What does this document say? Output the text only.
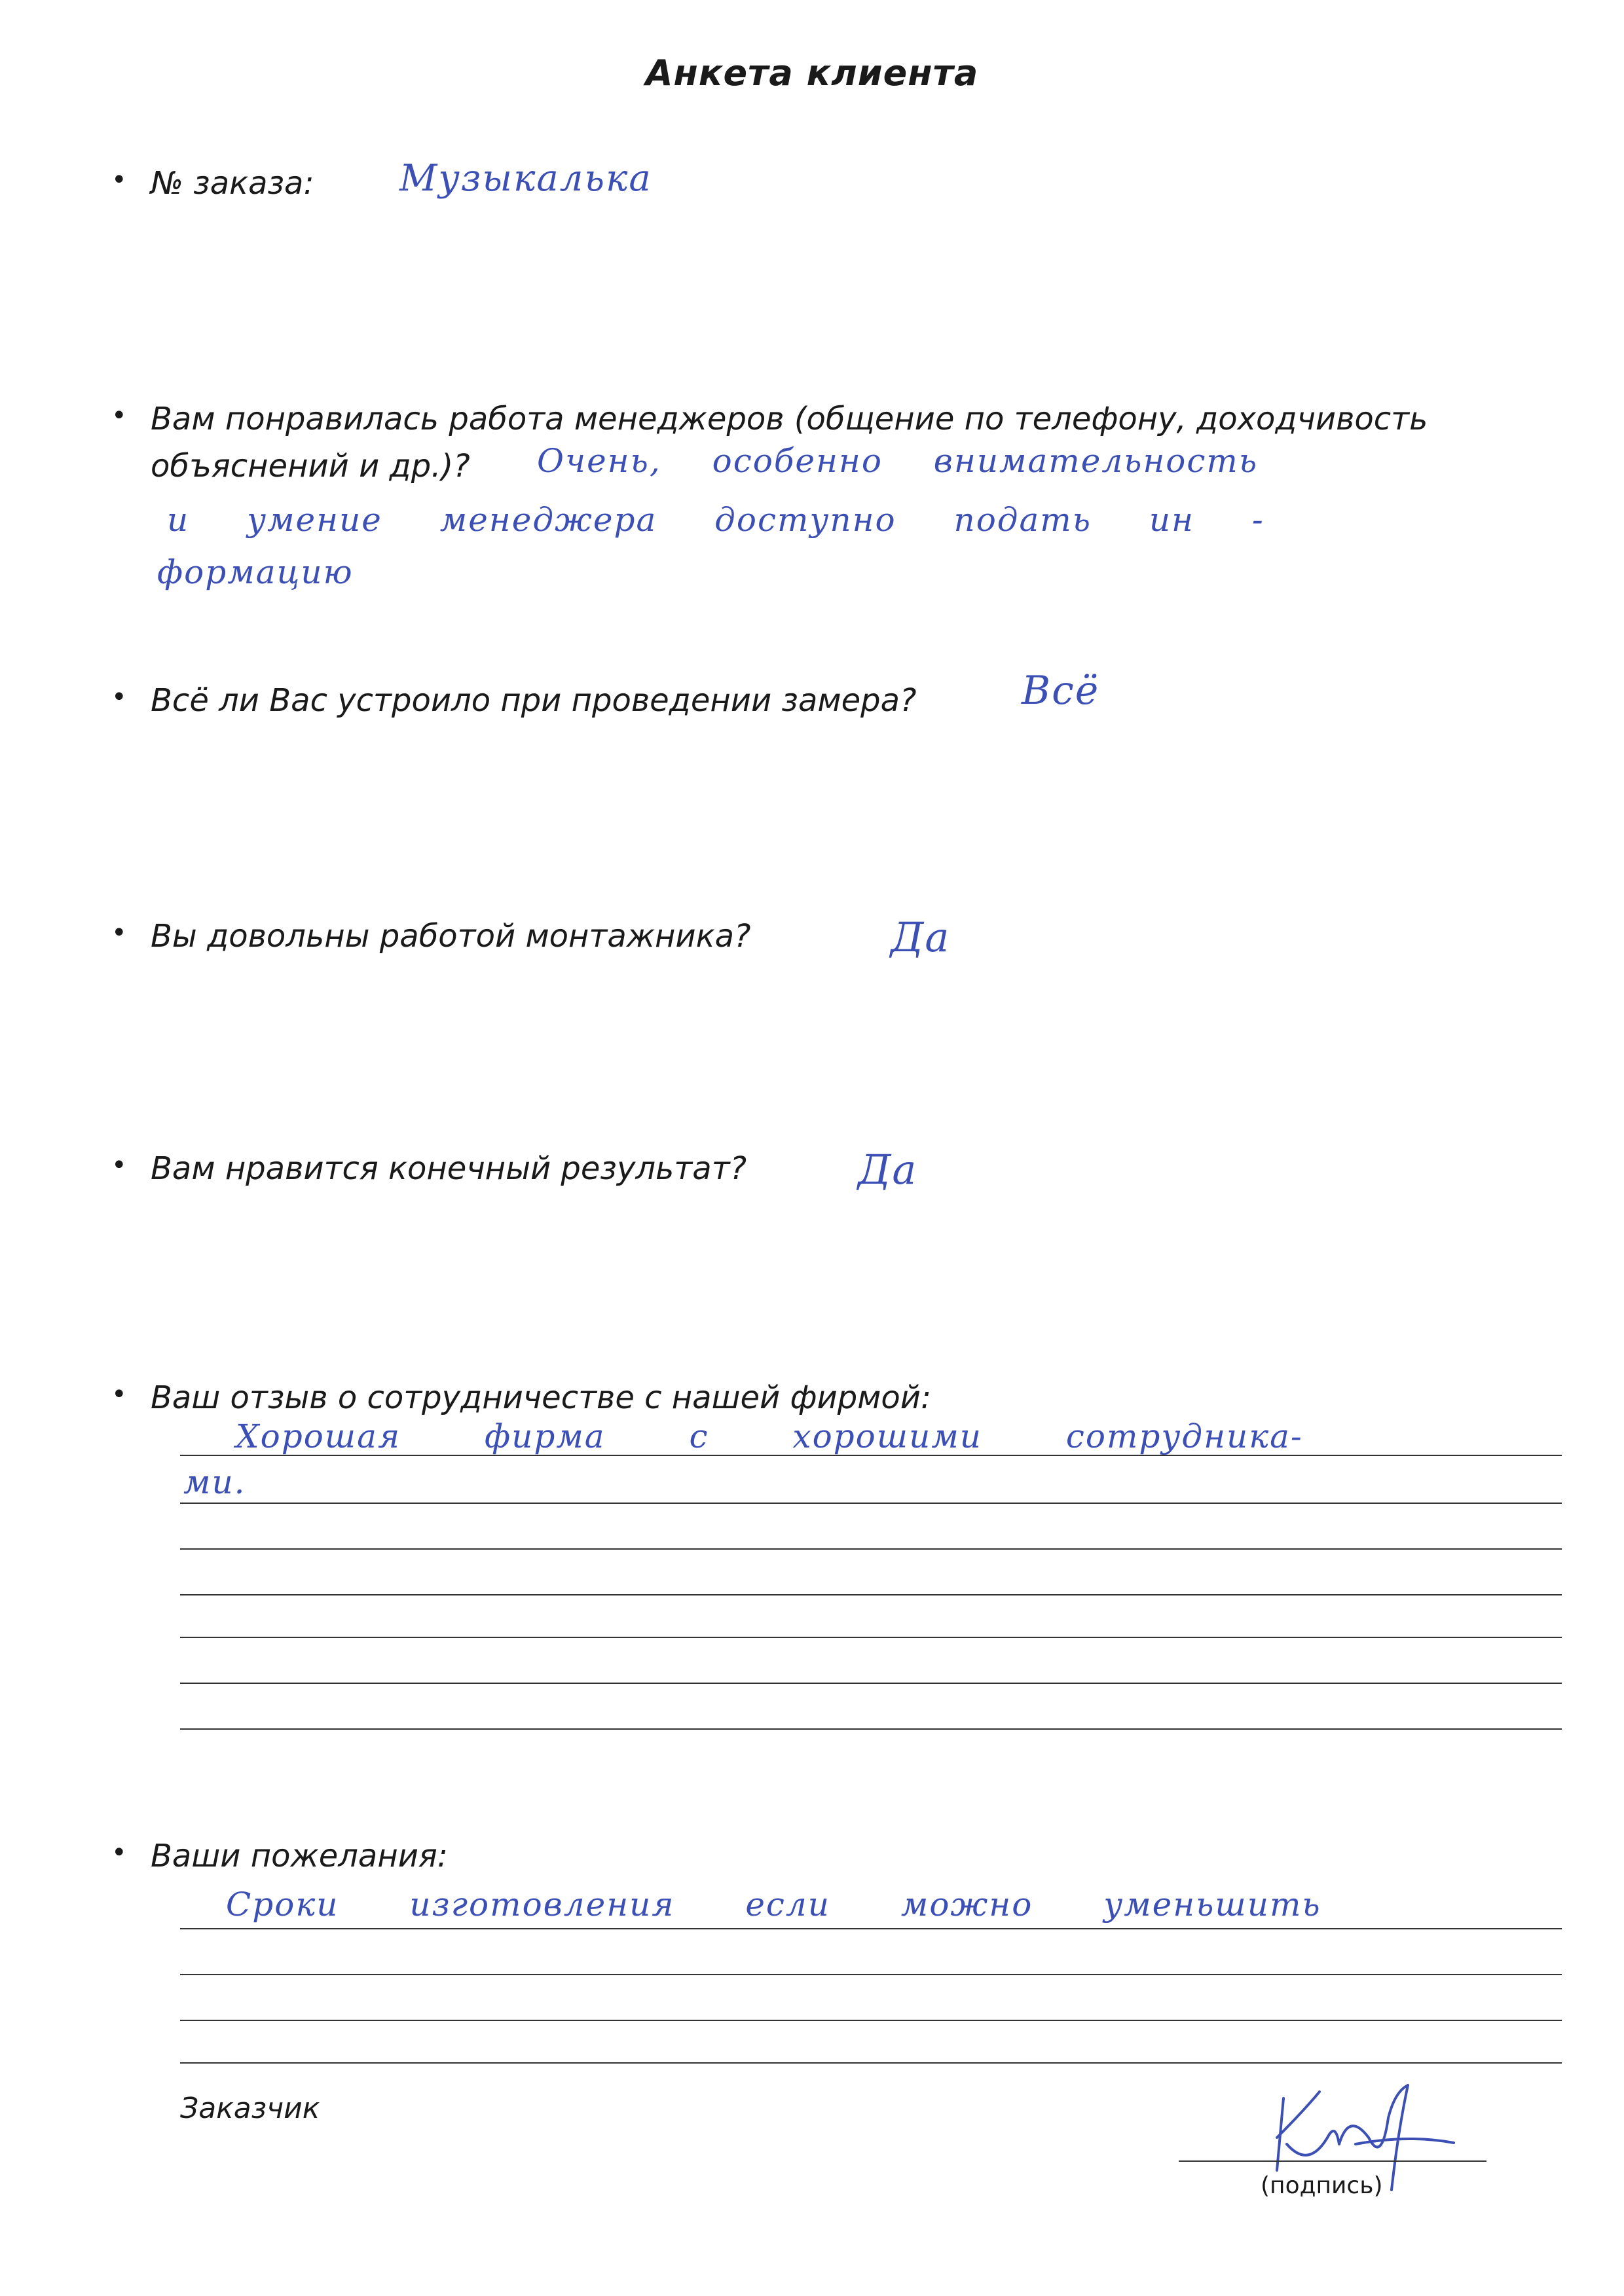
Анкета клиента
• № заказа:	Музыкалька
• Вам понравилась работа менеджеров (общение по телефону, доходчивость
объяснений и др.)?	Очень, особенно внимательность
и умение менеджера доступно подать ин -
формацию
• Всё ли Вас устроило при проведении замера?	Всё
• Вы довольны работой монтажника?	Да
• Вам нравится конечный результат?	Да
• Ваш отзыв о сотрудничестве с нашей фирмой:
Хорошая фирма с хорошими сотрудника-
ми.
• Ваши пожелания:
Сроки изготовления если можно уменьшить
Заказчик
(подпись)
